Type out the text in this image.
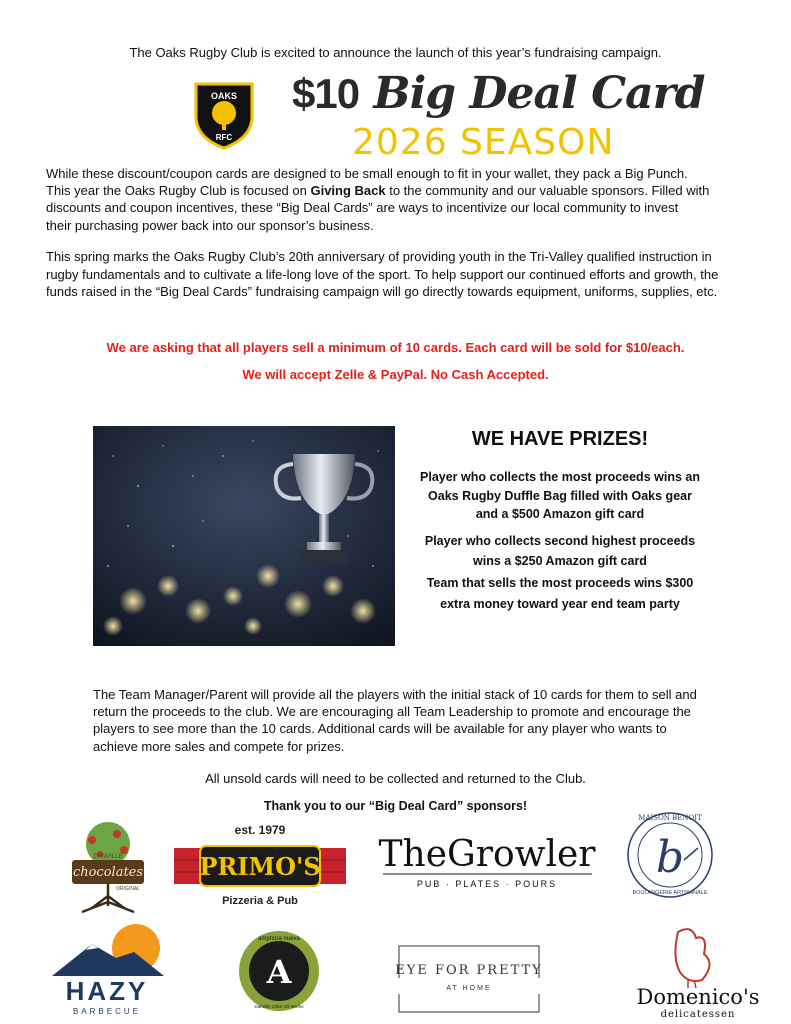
The Oaks Rugby Club is excited to announce the launch of this year’s fundraising campaign.
OAKS
RFC
$10 Big Deal Card
2026 SEASON
While these discount/coupon cards are designed to be small enough to fit in your wallet, they pack a Big Punch.
This year the Oaks Rugby Club is focused on Giving Back to the community and our valuable sponsors. Filled with
discounts and coupon incentives, these “Big Deal Cards” are ways to incentivize our local community to invest
their purchasing power back into our sponsor’s business.
This spring marks the Oaks Rugby Club’s 20th anniversary of providing youth in the Tri-Valley qualified instruction in rugby fundamentals and to cultivate a life-long love of the sport. To help support our continued efforts and growth, the funds raised in the “Big Deal Cards” fundraising campaign will go directly towards equipment, uniforms, supplies, etc.
We are asking that all players sell a minimum of 10 cards. Each card will be sold for $10/each.
We will accept Zelle & PayPal. No Cash Accepted.
WE HAVE PRIZES!
Player who collects the most proceeds wins an Oaks Rugby Duffle Bag filled with Oaks gear and a $500 Amazon gift card
Player who collects second highest proceeds wins a $250 Amazon gift card
Team that sells the most proceeds wins $300 extra money toward year end team party
The Team Manager/Parent will provide all the players with the initial stack of 10 cards for them to sell and return the proceeds to the club. We are encouraging all Team Leadership to promote and encourage the players to see more than the 10 cards. Additional cards will be available for any player who wants to achieve more sales and compete for prizes.
All unsold cards will need to be collected and returned to the Club.
Thank you to our “Big Deal Card” sponsors!
DANVILLE
chocolates
ORIGINAL
est. 1979
PRIMO'S
Pizzeria & Pub
TheGrowler
PUB · PLATES · POURS
MAISON BENOIT
BOULANGERIE ARTISANALE
b
HAZY
BARBECUE
amphora nueva
A
Danville Olive Oil Works
EYE FOR PRETTY
AT HOME	Domenico's
delicatessen
